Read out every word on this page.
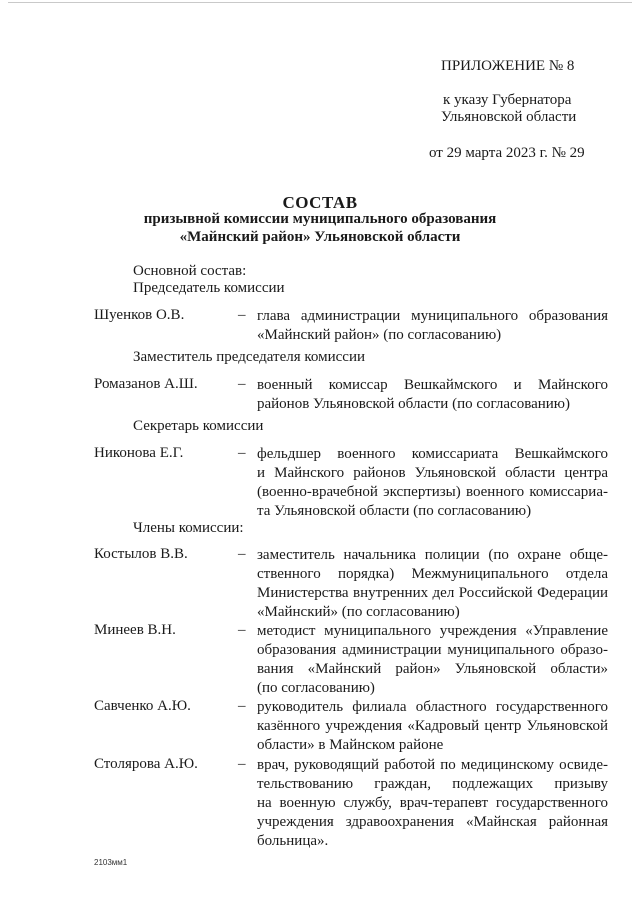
ПРИЛОЖЕНИЕ № 8
к указу Губернатора
Ульяновской области
от 29 марта 2023 г. № 29
СОСТАВ
призывной комиссии муниципального образования
«Майнский район» Ульяновской области
Основной состав:
Председатель комиссии
Шуенков О.В.	– глава администрации муниципального образования
«Майнский район» (по согласованию)
Заместитель председателя комиссии
Ромазанов А.Ш.	– военный комиссар Вешкаймского и Майнского
районов Ульяновской области (по согласованию)
Секретарь комиссии
Никонова Е.Г.	– фельдшер военного комиссариата Вешкаймского
и Майнского районов Ульяновской области центра
(военно-врачебной экспертизы) военного комиссариа-
та Ульяновской области (по согласованию)
Члены комиссии:
Костылов В.В.	– заместитель начальника полиции (по охране обще-
ственного порядка) Межмуниципального отдела
Министерства внутренних дел Российской Федерации
«Майнский» (по согласованию)
Минеев В.Н.	– методист муниципального учреждения «Управление
образования администрации муниципального образо-
вания «Майнский район» Ульяновской области»
(по согласованию)
Савченко А.Ю.	– руководитель филиала областного государственного
казённого учреждения «Кадровый центр Ульяновской
области» в Майнском районе
Столярова А.Ю.	– врач, руководящий работой по медицинскому освиде-
тельствованию граждан, подлежащих призыву
на военную службу, врач-терапевт государственного
учреждения здравоохранения «Майнская районная
больница».
2103мм1
